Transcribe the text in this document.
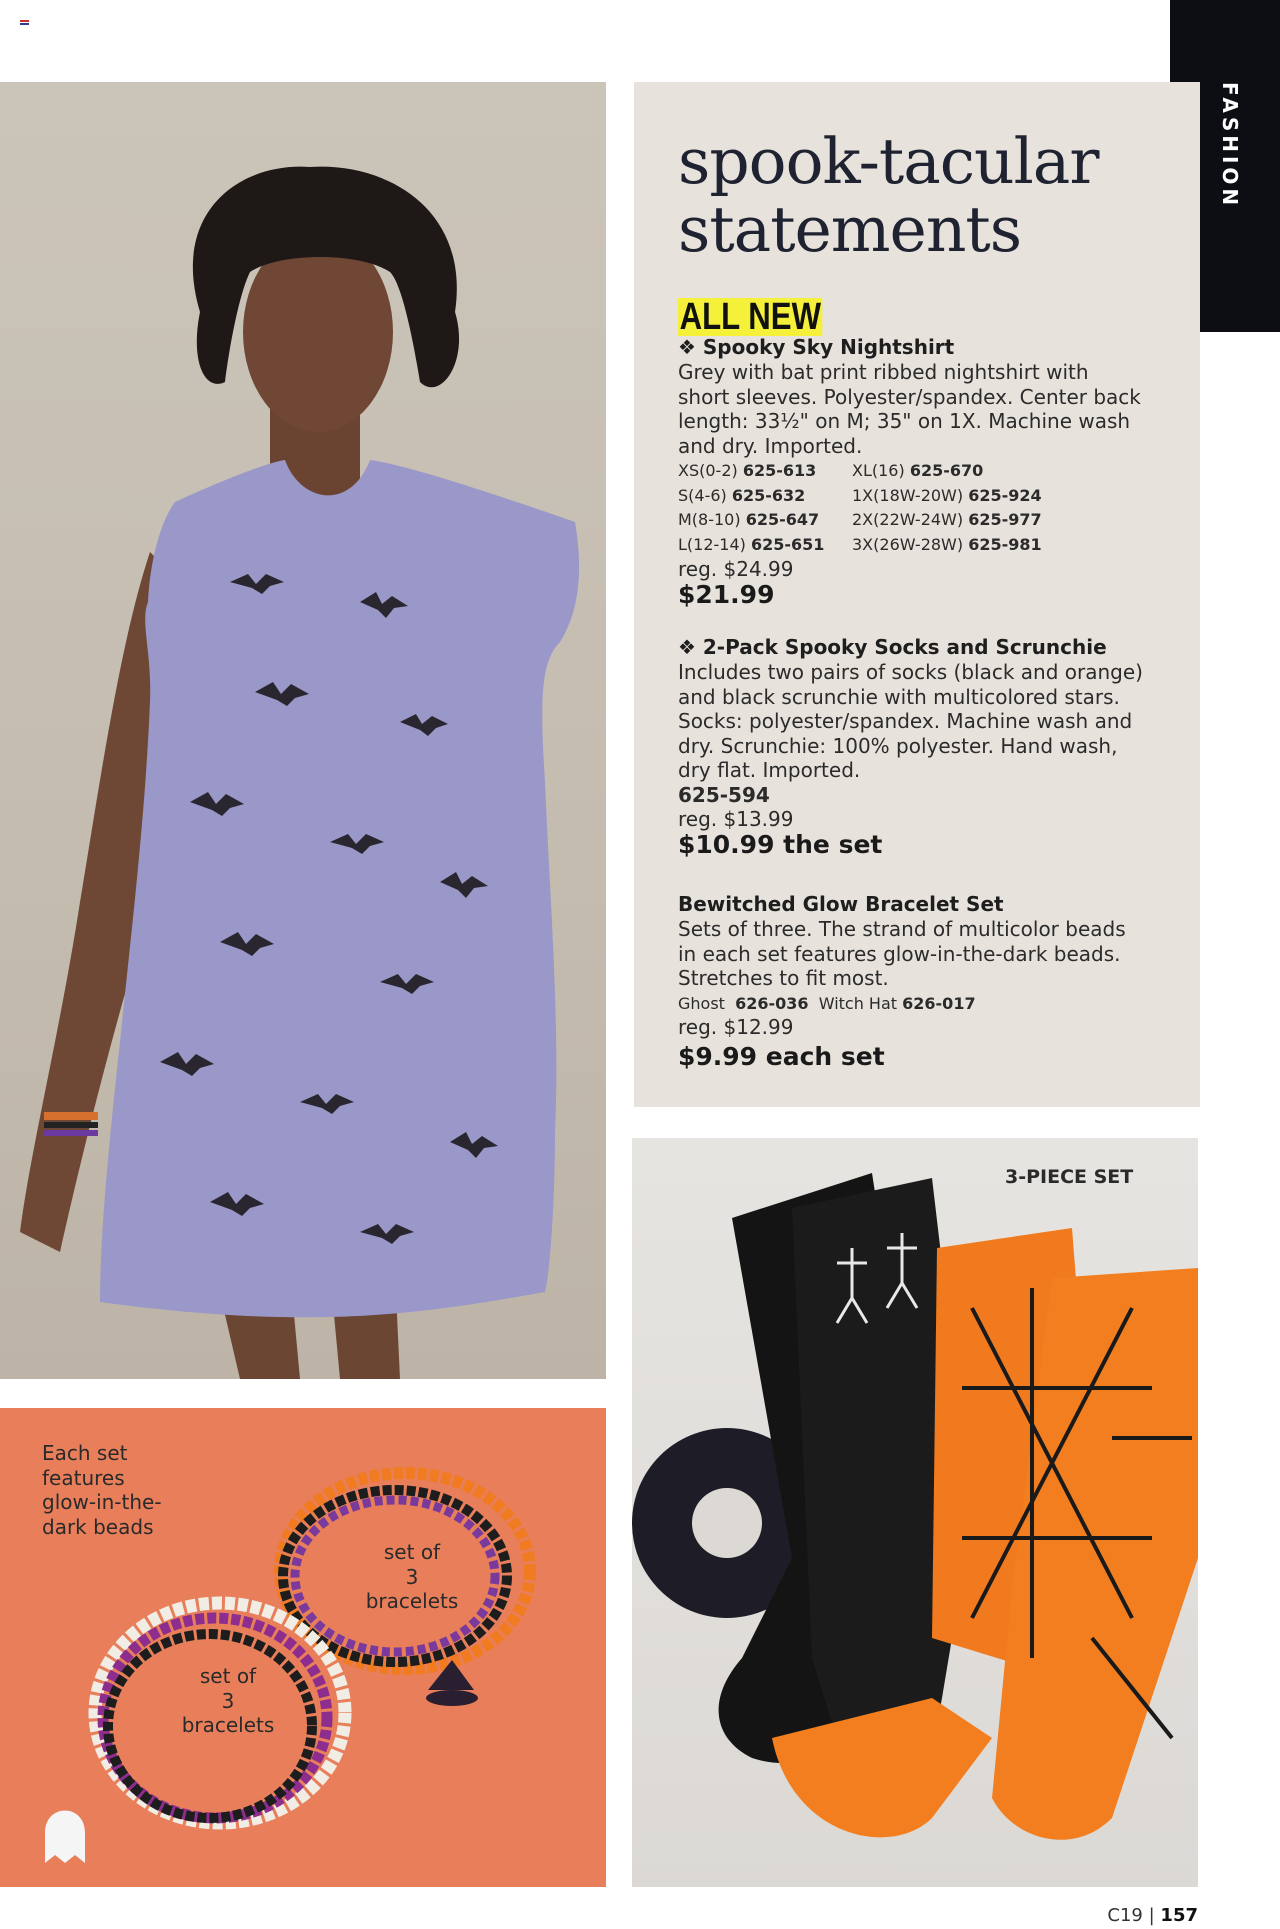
FASHION
Each set
features
glow-in-the-
dark beads
set of
3 bracelets
set of
3 bracelets
3-PIECE SET
spook-tacular
statements
ALL NEW
❖ Spooky Sky Nightshirt
Grey with bat print ribbed nightshirt with
short sleeves. Polyester/spandex. Center back
length: 33½" on M; 35" on 1X. Machine wash
and dry. Imported.
XS(0-2) 625-613
S(4-6) 625-632
M(8-10) 625-647
L(12-14) 625-651
XL(16) 625-670
1X(18W-20W) 625-924
2X(22W-24W) 625-977
3X(26W-28W) 625-981
reg. $24.99
$21.99
❖ 2-Pack Spooky Socks and Scrunchie
Includes two pairs of socks (black and orange)
and black scrunchie with multicolored stars.
Socks: polyester/spandex. Machine wash and
dry. Scrunchie: 100% polyester. Hand wash,
dry flat. Imported.
625-594
reg. $13.99
$10.99 the set
Bewitched Glow Bracelet Set
Sets of three. The strand of multicolor beads
in each set features glow-in-the-dark beads.
Stretches to fit most.
Ghost 626-036 Witch Hat 626-017
reg. $12.99
$9.99 each set
C19 | 157
